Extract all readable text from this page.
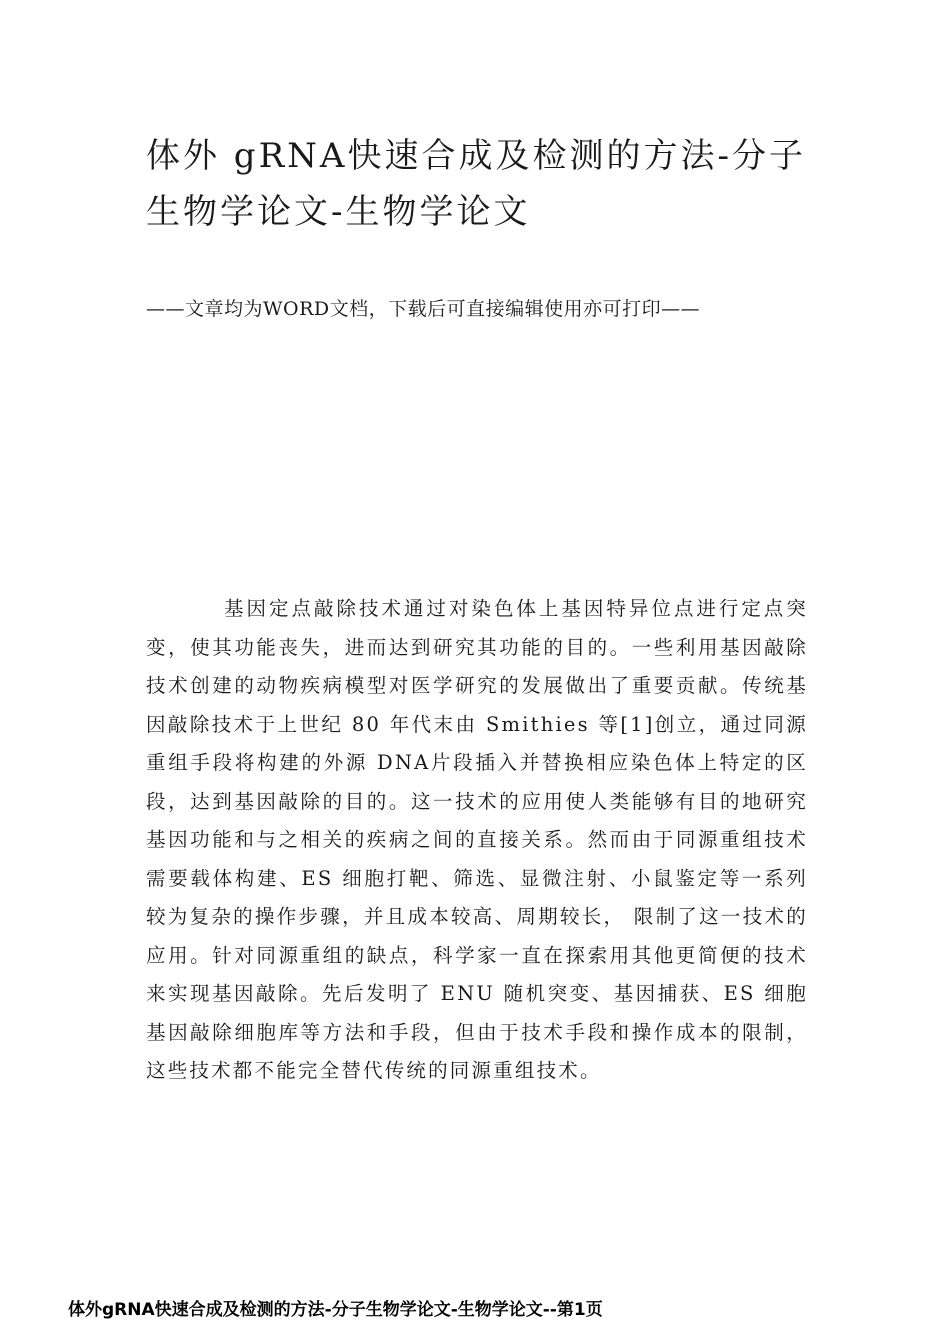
体外 gRNA快速合成及检测的方法-分子生物学论文-生物学论文

——文章均为WORD文档，下载后可直接编辑使用亦可打印——

基因定点敲除技术通过对染色体上基因特异位点进行定点突变，使其功能丧失，进而达到研究其功能的目的。一些利用基因敲除技术创建的动物疾病模型对医学研究的发展做出了重要贡献。传统基因敲除技术于上世纪 80 年代末由 Smithies 等[1]创立，通过同源重组手段将构建的外源 DNA片段插入并替换相应染色体上特定的区段，达到基因敲除的目的。这一技术的应用使人类能够有目的地研究基因功能和与之相关的疾病之间的直接关系。然而由于同源重组技术需要载体构建、ES 细胞打靶、筛选、显微注射、小鼠鉴定等一系列较为复杂的操作步骤，并且成本较高、周期较长， 限制了这一技术的应用。针对同源重组的缺点，科学家一直在探索用其他更简便的技术来实现基因敲除。先后发明了 ENU 随机突变、基因捕获、ES 细胞基因敲除细胞库等方法和手段，但由于技术手段和操作成本的限制，这些技术都不能完全替代传统的同源重组技术。

体外gRNA快速合成及检测的方法-分子生物学论文-生物学论文--第1页
